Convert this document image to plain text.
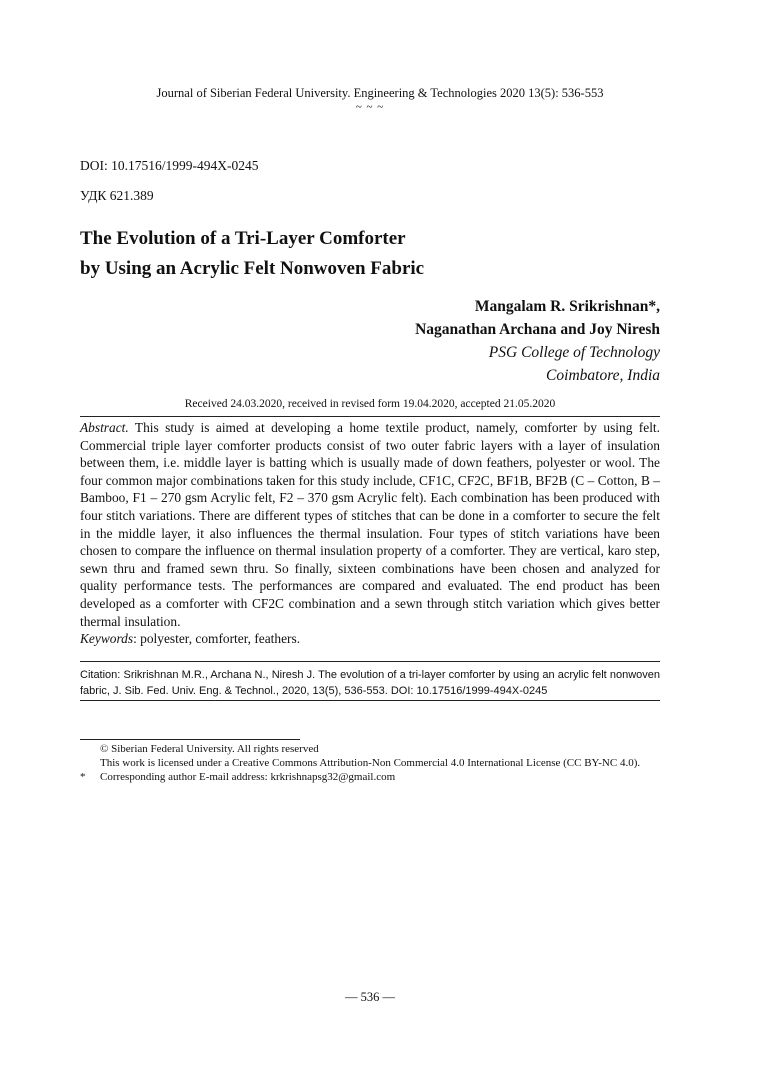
Journal of Siberian Federal University. Engineering & Technologies 2020 13(5): 536-553
~ ~ ~
DOI: 10.17516/1999-494X-0245
УДК 621.389
The Evolution of a Tri-Layer Comforter
by Using an Acrylic Felt Nonwoven Fabric
Mangalam R. Srikrishnan*,
Naganathan Archana and Joy Niresh
PSG College of Technology
Coimbatore, India
Received 24.03.2020, received in revised form 19.04.2020, accepted 21.05.2020
Abstract. This study is aimed at developing a home textile product, namely, comforter by using felt. Commercial triple layer comforter products consist of two outer fabric layers with a layer of insulation between them, i.e. middle layer is batting which is usually made of down feathers, polyester or wool. The four common major combinations taken for this study include, CF1C, CF2C, BF1B, BF2B (C – Cotton, B – Bamboo, F1 – 270 gsm Acrylic felt, F2 – 370 gsm Acrylic felt). Each combination has been produced with four stitch variations. There are different types of stitches that can be done in a comforter to secure the felt in the middle layer, it also influences the thermal insulation. Four types of stitch variations have been chosen to compare the influence on thermal insulation property of a comforter. They are vertical, karo step, sewn thru and framed sewn thru. So finally, sixteen combinations have been chosen and analyzed for quality performance tests. The performances are compared and evaluated. The end product has been developed as a comforter with CF2C combination and a sewn through stitch variation which gives better thermal insulation.
Keywords: polyester, comforter, feathers.
Citation: Srikrishnan M.R., Archana N., Niresh J. The evolution of a tri-layer comforter by using an acrylic felt nonwoven fabric, J. Sib. Fed. Univ. Eng. & Technol., 2020, 13(5), 536-553. DOI: 10.17516/1999-494X-0245
© Siberian Federal University. All rights reserved
This work is licensed under a Creative Commons Attribution-Non Commercial 4.0 International License (CC BY-NC 4.0).
* Corresponding author E-mail address: krkrishnapsg32@gmail.com
— 536 —
